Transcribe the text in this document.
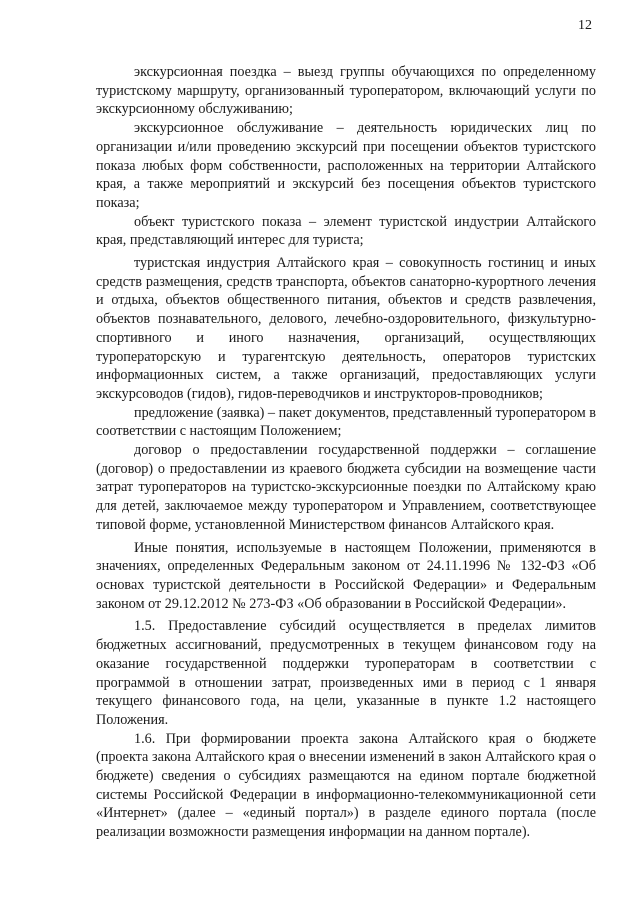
12

экскурсионная поездка – выезд группы обучающихся по определенному туристскому маршруту, организованный туроператором, включающий услуги по экскурсионному обслуживанию;

экскурсионное обслуживание – деятельность юридических лиц по организации и/или проведению экскурсий при посещении объектов туристского показа любых форм собственности, расположенных на территории Алтайского края, а также мероприятий и экскурсий без посещения объектов туристского показа;

объект туристского показа – элемент туристской индустрии Алтайского края, представляющий интерес для туриста;

туристская индустрия Алтайского края – совокупность гостиниц и иных средств размещения, средств транспорта, объектов санаторно-курортного лечения и отдыха, объектов общественного питания, объектов и средств развлечения, объектов познавательного, делового, лечебно-оздоровительного, физкультурно-спортивного и иного назначения, организаций, осуществляющих туроператорскую и турагентскую деятельность, операторов туристских информационных систем, а также организаций, предоставляющих услуги экскурсоводов (гидов), гидов-переводчиков и инструкторов-проводников;

предложение (заявка) – пакет документов, представленный туроператором в соответствии с настоящим Положением;

договор о предоставлении государственной поддержки – соглашение (договор) о предоставлении из краевого бюджета субсидии на возмещение части затрат туроператоров на туристско-экскурсионные поездки по Алтайскому краю для детей, заключаемое между туроператором и Управлением, соответствующее типовой форме, установленной Министерством финансов Алтайского края.

Иные понятия, используемые в настоящем Положении, применяются в значениях, определенных Федеральным законом от 24.11.1996 № 132-ФЗ «Об основах туристской деятельности в Российской Федерации» и Федеральным законом от 29.12.2012 № 273-ФЗ «Об образовании в Российской Федерации».

1.5. Предоставление субсидий осуществляется в пределах лимитов бюджетных ассигнований, предусмотренных в текущем финансовом году на оказание государственной поддержки туроператорам в соответствии с программой в отношении затрат, произведенных ими в период с 1 января текущего финансового года, на цели, указанные в пункте 1.2 настоящего Положения.

1.6. При формировании проекта закона Алтайского края о бюджете (проекта закона Алтайского края о внесении изменений в закон Алтайского края о бюджете) сведения о субсидиях размещаются на едином портале бюджетной системы Российской Федерации в информационно-телекоммуникационной сети «Интернет» (далее – «единый портал») в разделе единого портала (после реализации возможности размещения информации на данном портале).
